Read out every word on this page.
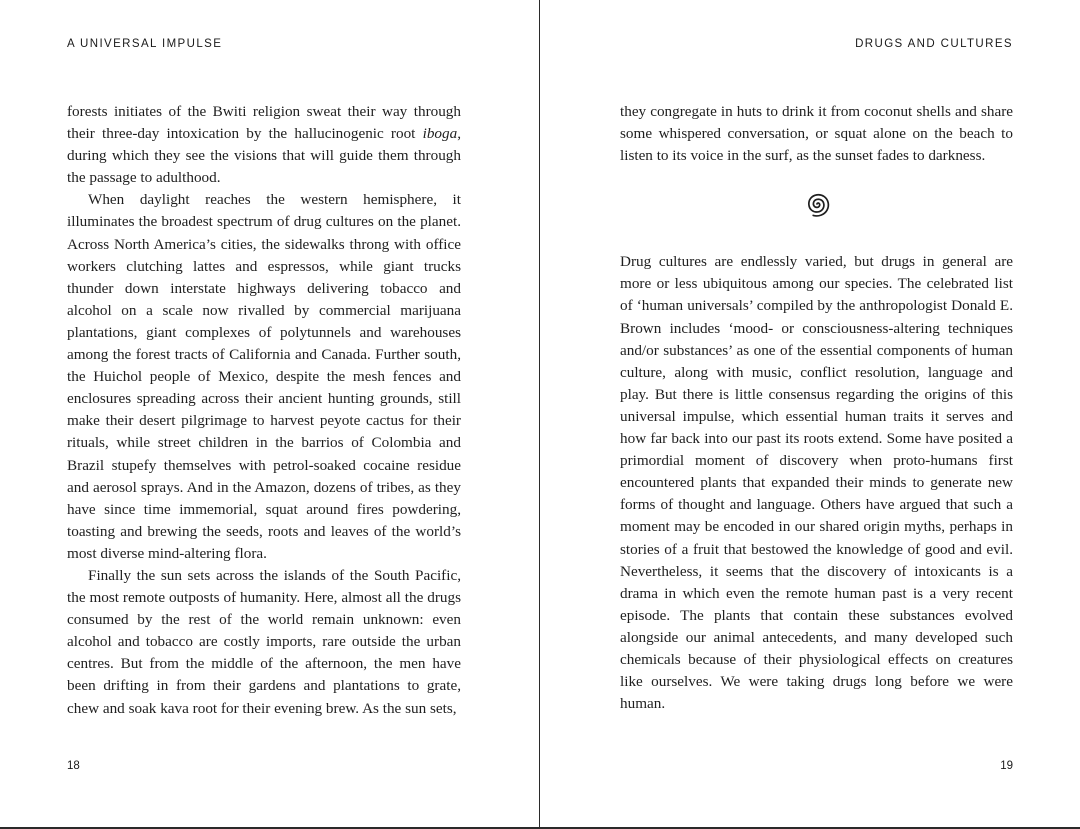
A UNIVERSAL IMPULSE

forests initiates of the Bwiti religion sweat their way through their three-day intoxication by the hallucinogenic root iboga, during which they see the visions that will guide them through the passage to adulthood.

When daylight reaches the western hemisphere, it illuminates the broadest spectrum of drug cultures on the planet. Across North America’s cities, the sidewalks throng with office workers clutching lattes and espressos, while giant trucks thunder down interstate highways delivering tobacco and alcohol on a scale now rivalled by commercial marijuana plantations, giant complexes of polytunnels and warehouses among the forest tracts of California and Canada. Further south, the Huichol people of Mexico, despite the mesh fences and enclosures spreading across their ancient hunting grounds, still make their desert pilgrimage to harvest peyote cactus for their rituals, while street children in the barrios of Colombia and Brazil stupefy themselves with petrol-soaked cocaine residue and aerosol sprays. And in the Amazon, dozens of tribes, as they have since time immemorial, squat around fires powdering, toasting and brewing the seeds, roots and leaves of the world’s most diverse mind-altering flora.

Finally the sun sets across the islands of the South Pacific, the most remote outposts of humanity. Here, almost all the drugs consumed by the rest of the world remain unknown: even alcohol and tobacco are costly imports, rare outside the urban centres. But from the middle of the afternoon, the men have been drifting in from their gardens and plantations to grate, chew and soak kava root for their evening brew. As the sun sets,

18
DRUGS AND CULTURES

they congregate in huts to drink it from coconut shells and share some whispered conversation, or squat alone on the beach to listen to its voice in the surf, as the sunset fades to darkness.

Drug cultures are endlessly varied, but drugs in general are more or less ubiquitous among our species. The celebrated list of ‘human universals’ compiled by the anthropologist Donald E. Brown includes ‘mood- or consciousness-altering techniques and/or substances’ as one of the essential components of human culture, along with music, conflict resolution, language and play. But there is little consensus regarding the origins of this universal impulse, which essential human traits it serves and how far back into our past its roots extend. Some have posited a primordial moment of discovery when proto-humans first encountered plants that expanded their minds to generate new forms of thought and language. Others have argued that such a moment may be encoded in our shared origin myths, perhaps in stories of a fruit that bestowed the knowledge of good and evil. Nevertheless, it seems that the discovery of intoxicants is a drama in which even the remote human past is a very recent episode. The plants that contain these substances evolved alongside our animal antecedents, and many developed such chemicals because of their physiological effects on creatures like ourselves. We were taking drugs long before we were human.

19
